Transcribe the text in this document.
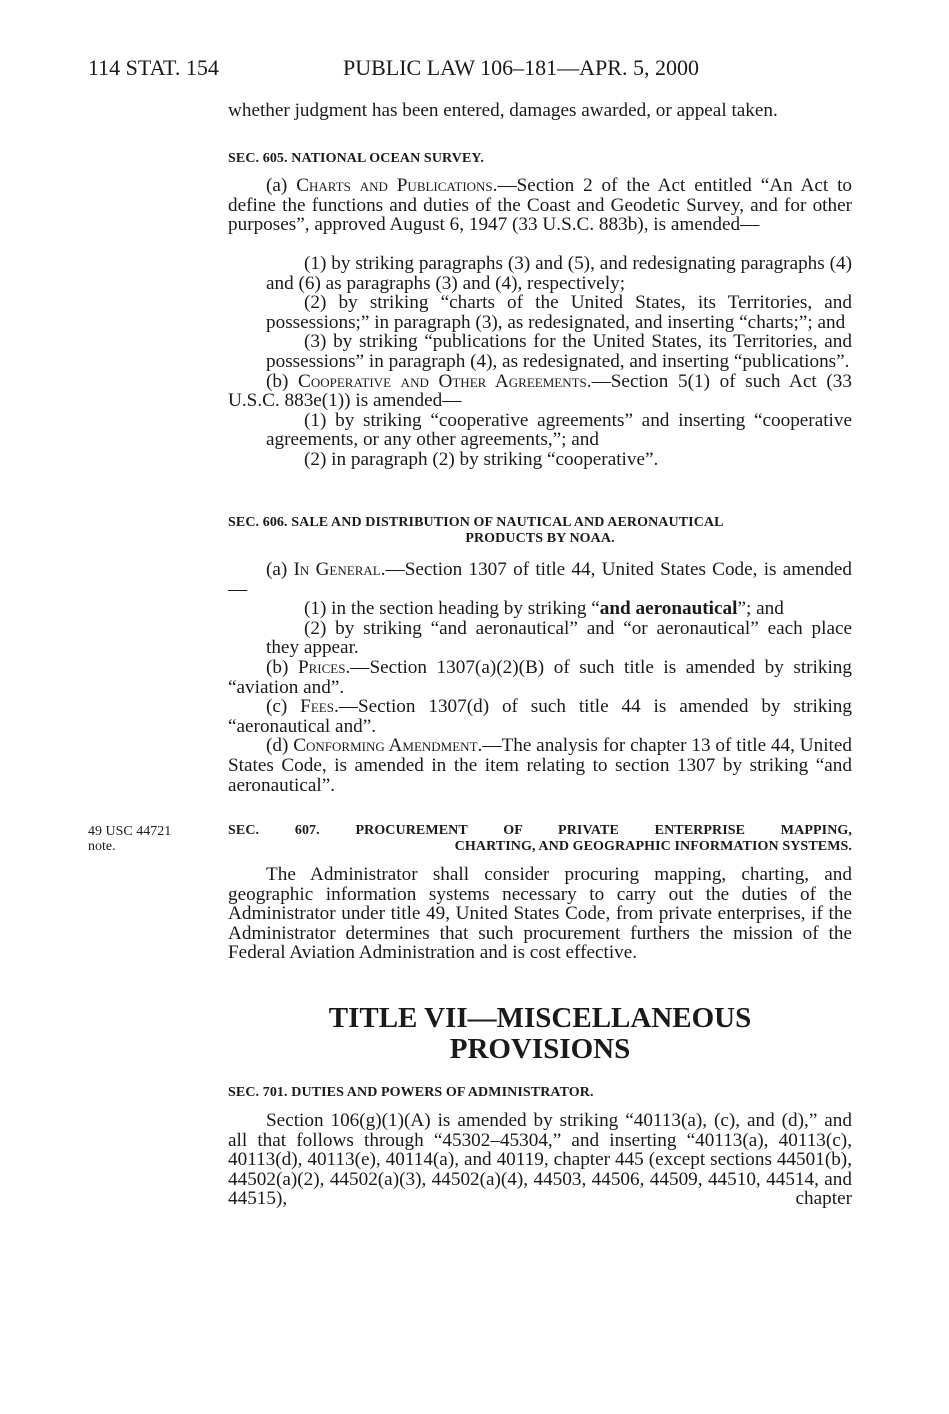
114 STAT. 154	PUBLIC LAW 106–181—APR. 5, 2000

whether judgment has been entered, damages awarded, or appeal taken.

SEC. 605. NATIONAL OCEAN SURVEY.

(a) Charts and Publications.—Section 2 of the Act entitled “An Act to define the functions and duties of the Coast and Geodetic Survey, and for other purposes”, approved August 6, 1947 (33 U.S.C. 883b), is amended—

(1) by striking paragraphs (3) and (5), and redesignating paragraphs (4) and (6) as paragraphs (3) and (4), respectively;

(2) by striking “charts of the United States, its Territories, and possessions;” in paragraph (3), as redesignated, and inserting “charts;”; and

(3) by striking “publications for the United States, its Territories, and possessions” in paragraph (4), as redesignated, and inserting “publications”.

(b) Cooperative and Other Agreements.—Section 5(1) of such Act (33 U.S.C. 883e(1)) is amended—

(1) by striking “cooperative agreements” and inserting “cooperative agreements, or any other agreements,”; and

(2) in paragraph (2) by striking “cooperative”.

SEC. 606. SALE AND DISTRIBUTION OF NAUTICAL AND AERONAUTICAL
PRODUCTS BY NOAA.

(a) In General.—Section 1307 of title 44, United States Code, is amended—

(1) in the section heading by striking “and aeronautical”; and

(2) by striking “and aeronautical” and “or aeronautical” each place they appear.

(b) Prices.—Section 1307(a)(2)(B) of such title is amended by striking “aviation and”.

(c) Fees.—Section 1307(d) of such title 44 is amended by striking “aeronautical and”.

(d) Conforming Amendment.—The analysis for chapter 13 of title 44, United States Code, is amended in the item relating to section 1307 by striking “and aeronautical”.

49 USC 44721
note.

SEC. 607. PROCUREMENT OF PRIVATE ENTERPRISE MAPPING,

CHARTING, AND GEOGRAPHIC INFORMATION SYSTEMS.

The Administrator shall consider procuring mapping, charting, and geographic information systems necessary to carry out the duties of the Administrator under title 49, United States Code, from private enterprises, if the Administrator determines that such procurement furthers the mission of the Federal Aviation Administration and is cost effective.

TITLE VII—MISCELLANEOUS
PROVISIONS

SEC. 701. DUTIES AND POWERS OF ADMINISTRATOR.

Section 106(g)(1)(A) is amended by striking “40113(a), (c), and (d),” and all that follows through “45302–45304,” and inserting “40113(a), 40113(c), 40113(d), 40113(e), 40114(a), and 40119, chapter 445 (except sections 44501(b), 44502(a)(2), 44502(a)(3), 44502(a)(4), 44503, 44506, 44509, 44510, 44514, and 44515), chapter
